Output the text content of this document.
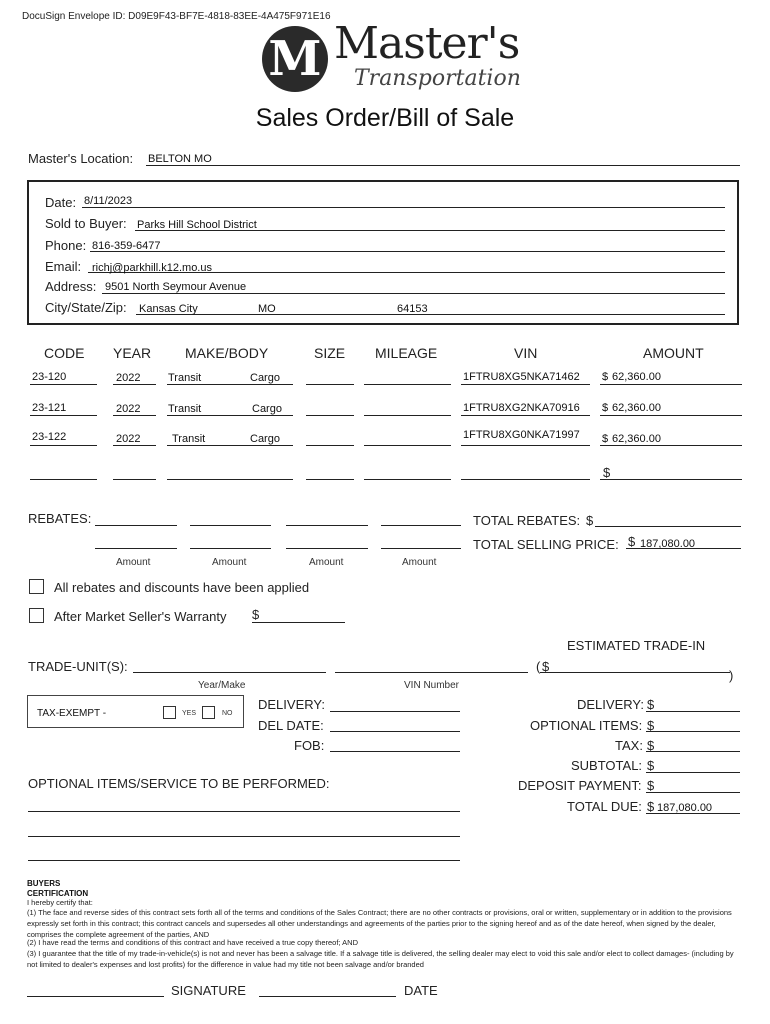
DocuSign Envelope ID: D09E9F43-BF7E-4818-83EE-4A475F971E16
M Master's
Transportation
Sales Order/Bill of Sale
Master's Location: BELTON MO
Date: 8/11/2023
Sold to Buyer: Parks Hill School District
Phone: 816-359-6477
Email: richj@parkhill.k12.mo.us
Address: 9501 North Seymour Avenue
City/State/Zip: Kansas City	MO	64153
CODE YEAR MAKE/BODY	SIZE MILEAGE	VIN	AMOUNT
23-120	2022	Transit	Cargo	1FTRU8XG5NKA71462 $ 62,360.00
23-121	2022	Transit	Cargo	1FTRU8XG2NKA70916 $ 62,360.00
23-122	2022	Transit	Cargo	1FTRU8XG0NKA71997 $ 62,360.00
$
REBATES:
Amount	Amount	Amount	Amount
TOTAL REBATES: $
TOTAL SELLING PRICE: $ 187,080.00
All rebates and discounts have been applied
After Market Seller's Warranty $
ESTIMATED TRADE-IN
TRADE-UNIT(S):	( $
)
Year/Make	VIN Number
TAX-EXEMPT -	YES	NO
DELIVERY:
DEL DATE:
FOB:
DELIVERY: $
OPTIONAL ITEMS: $
TAX: $
SUBTOTAL: $
DEPOSIT PAYMENT: $
TOTAL DUE: $ 187,080.00
OPTIONAL ITEMS/SERVICE TO BE PERFORMED:
BUYERS
CERTIFICATION
I hereby certify that:
(1) The face and reverse sides of this contract sets forth all of the terms and conditions of the Sales Contract; there are no other contracts or provisions, oral or written, supplementary or in addition to the provisions expressly set forth in this contract; this contract cancels and supersedes all other understandings and agreements of the parties prior to the signing hereof and as of the date hereof, when signed by the dealer, comprises the complete agreement of the parties, AND
(2) I have read the terms and conditions of this contract and have received a true copy thereof; AND
(3) I guarantee that the title of my trade-in-vehicle(s) is not and never has been a salvage title. If a salvage title is delivered, the selling dealer may elect to void this sale and/or elect to collect damages- (including by not limited to dealer's expenses and lost profits) for the difference in value had my title not been salvage and/or branded
SIGNATURE	DATE
